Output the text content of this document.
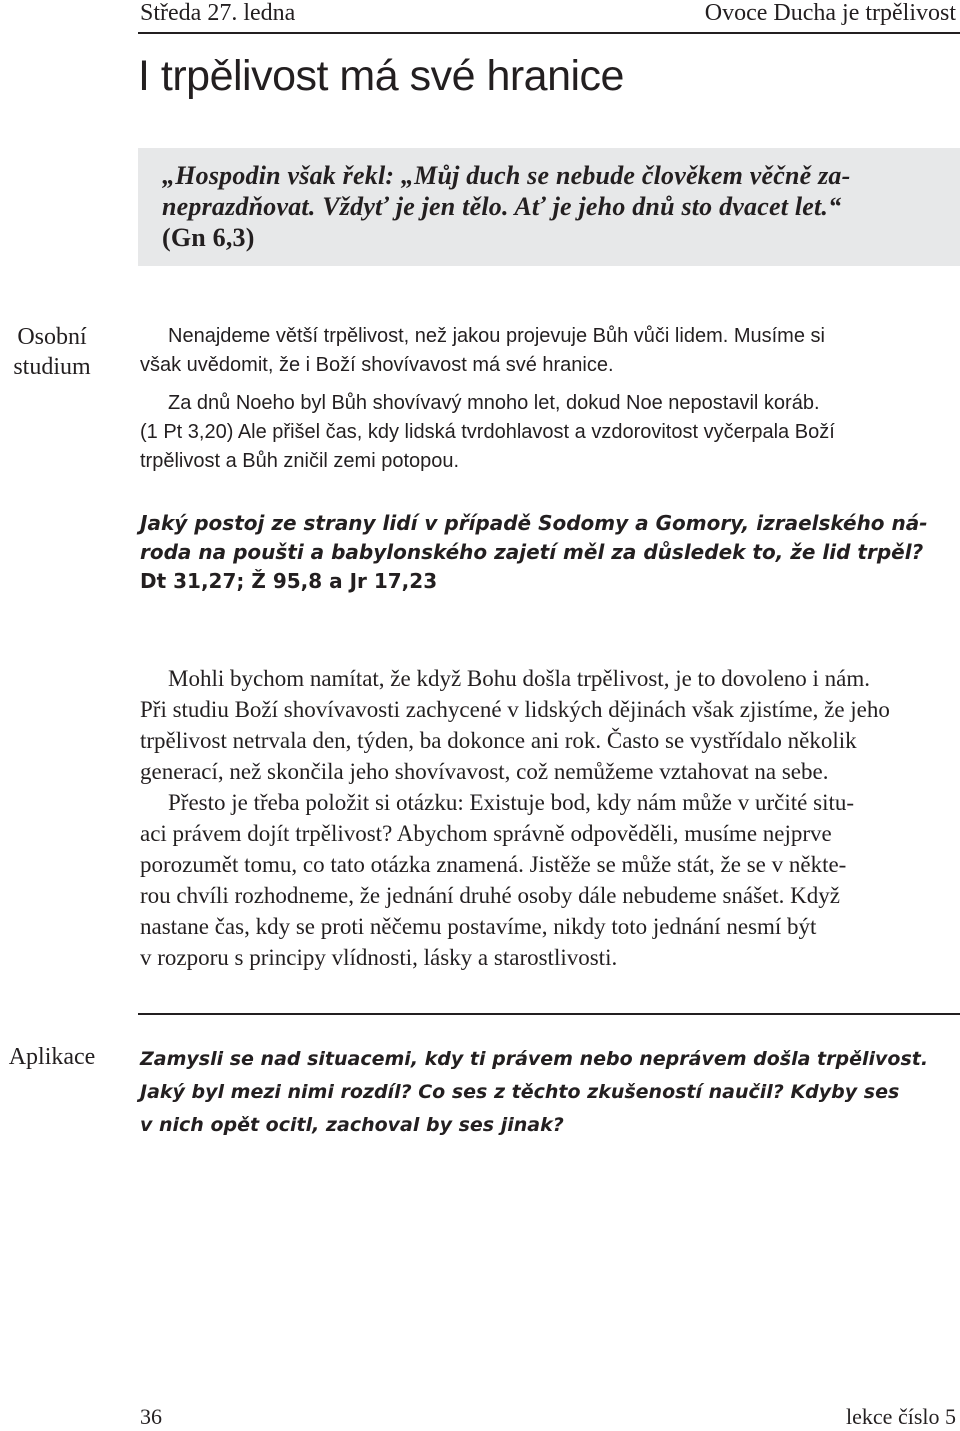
Středa 27. ledna	Ovoce Ducha je trpělivost
I trpělivost má své hranice

„Hospodin však řekl: „Můj duch se nebude člověkem věčně za-

neprazdňovat. Vždyť je jen tělo. Ať je jeho dnů sto dvacet let.“

(Gn 6,3)

Osobní
studium
Nenajdeme větší trpělivost, než jakou projevuje Bůh vůči lidem. Musíme si
však uvědomit, že i Boží shovívavost má své hranice.
Za dnů Noeho byl Bůh shovívavý mnoho let, dokud Noe nepostavil koráb.
(1 Pt 3,20) Ale přišel čas, kdy lidská tvrdohlavost a vzdorovitost vyčerpala Boží
trpělivost a Bůh zničil zemi potopou.
Jaký postoj ze strany lidí v případě Sodomy a Gomory, izraelského ná-
roda na poušti a babylonského zajetí měl za důsledek to, že lid trpěl?
Dt 31,27; Ž 95,8 a Jr 17,23
Mohli bychom namítat, že když Bohu došla trpělivost, je to dovoleno i nám.
Při studiu Boží shovívavosti zachycené v lidských dějinách však zjistíme, že jeho
trpělivost netrvala den, týden, ba dokonce ani rok. Často se vystřídalo několik
generací, než skončila jeho shovívavost, což nemůžeme vztahovat na sebe.
Přesto je třeba položit si otázku: Existuje bod, kdy nám může v určité situ-
aci právem dojít trpělivost? Abychom správně odpověděli, musíme nejprve
porozumět tomu, co tato otázka znamená. Jistěže se může stát, že se v někte-
rou chvíli rozhodneme, že jednání druhé osoby dále nebudeme snášet. Když
nastane čas, kdy se proti něčemu postavíme, nikdy toto jednání nesmí být
v rozporu s principy vlídnosti, lásky a starostlivosti.
Aplikace	Zamysli se nad situacemi, kdy ti právem nebo neprávem došla trpělivost.
Jaký byl mezi nimi rozdíl? Co ses z těchto zkušeností naučil? Kdyby ses
v nich opět ocitl, zachoval by ses jinak?
36	lekce číslo 5
